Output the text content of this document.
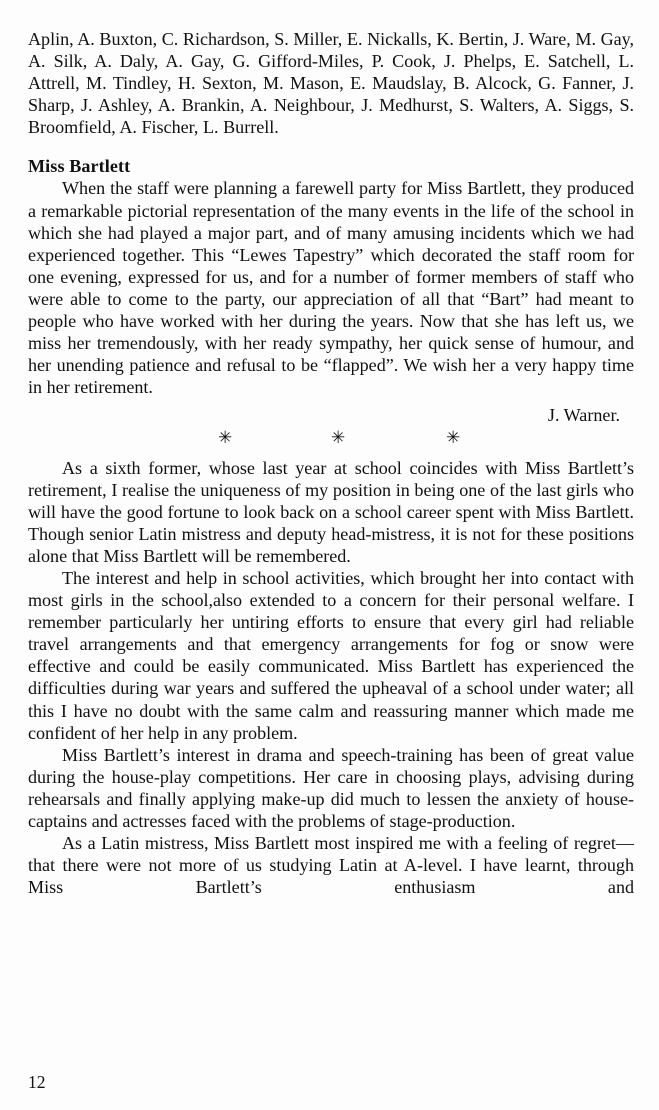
Aplin, A. Buxton, C. Richardson, S. Miller, E. Nickalls, K. Bertin, J. Ware, M. Gay, A. Silk, A. Daly, A. Gay, G. Gifford-Miles, P. Cook, J. Phelps, E. Satchell, L. Attrell, M. Tindley, H. Sexton, M. Mason, E. Maudslay, B. Alcock, G. Fanner, J. Sharp, J. Ashley, A. Brankin, A. Neighbour, J. Medhurst, S. Walters, A. Siggs, S. Broomfield, A. Fischer, L. Burrell.

Miss Bartlett

When the staff were planning a farewell party for Miss Bartlett, they produced a remarkable pictorial representation of the many events in the life of the school in which she had played a major part, and of many amusing incidents which we had experienced together. This “Lewes Tapestry” which decorated the staff room for one evening, expressed for us, and for a number of former members of staff who were able to come to the party, our appreciation of all that “Bart” had meant to people who have worked with her during the years. Now that she has left us, we miss her tremendously, with her ready sympathy, her quick sense of humour, and her unending patience and refusal to be “flapped”. We wish her a very happy time in her retirement.

J. Warner.

✳	✳	✳

As a sixth former, whose last year at school coincides with Miss Bartlett’s retirement, I realise the uniqueness of my position in being one of the last girls who will have the good fortune to look back on a school career spent with Miss Bartlett. Though senior Latin mistress and deputy head-mistress, it is not for these positions alone that Miss Bartlett will be remembered.

The interest and help in school activities, which brought her into contact with most girls in the school,also extended to a concern for their personal welfare. I remember particularly her untiring efforts to ensure that every girl had reliable travel arrangements and that emergency arrangements for fog or snow were effective and could be easily communicated. Miss Bartlett has experienced the difficulties during war years and suffered the upheaval of a school under water; all this I have no doubt with the same calm and reassuring manner which made me confident of her help in any problem.

Miss Bartlett’s interest in drama and speech-training has been of great value during the house-play competitions. Her care in choosing plays, advising during rehearsals and finally applying make-up did much to lessen the anxiety of house-captains and actresses faced with the problems of stage-production.

As a Latin mistress, Miss Bartlett most inspired me with a feeling of regret—that there were not more of us studying Latin at A-level. I have learnt, through Miss Bartlett’s enthusiasm and

12
